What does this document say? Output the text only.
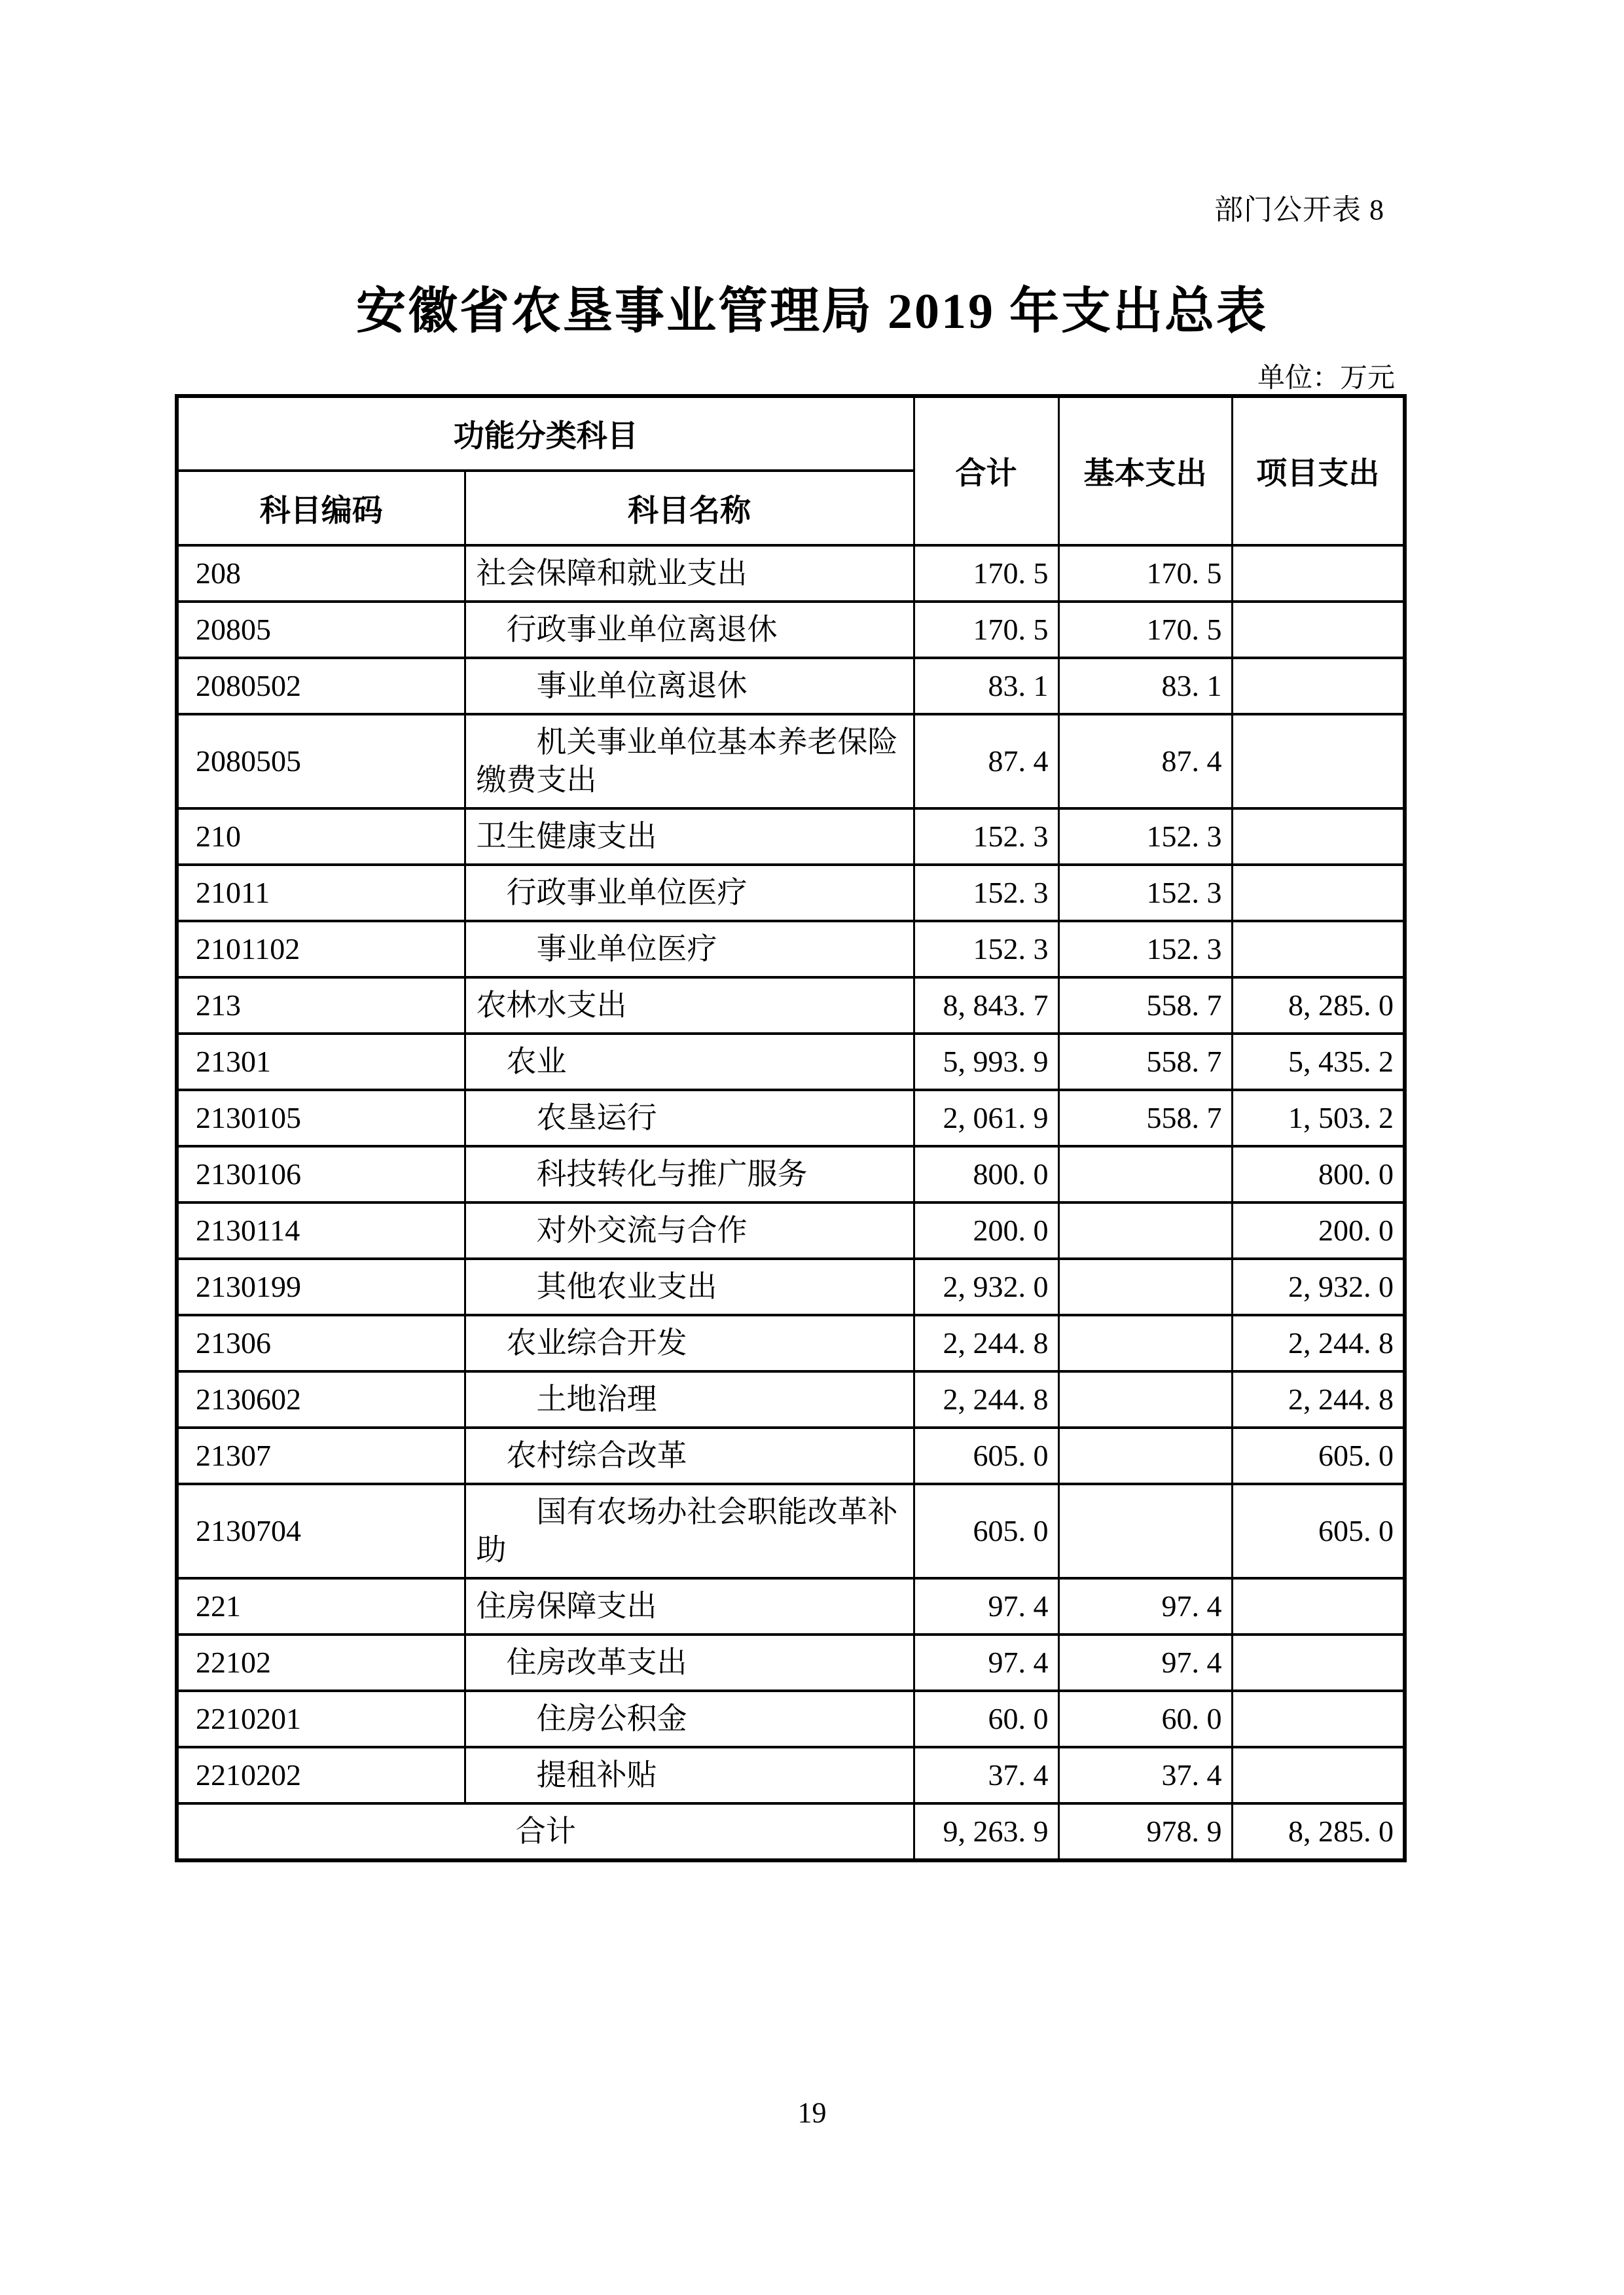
部门公开表 8
安徽省农垦事业管理局 2019 年支出总表
单位：万元
功能分类科目		合计	基本支出	项目支出
科目编码	科目名称			
208	社会保障和就业支出	170. 5	170. 5	
20805	行政事业单位离退休	170. 5	170. 5	
2080502	事业单位离退休	83. 1	83. 1	
2080505	机关事业单位基本养老保险缴费支出	87. 4	87. 4	
210	卫生健康支出	152. 3	152. 3	
21011	行政事业单位医疗	152. 3	152. 3	
2101102	事业单位医疗	152. 3	152. 3	
213	农林水支出	8, 843. 7	558. 7	8, 285. 0
21301	农业	5, 993. 9	558. 7	5, 435. 2
2130105	农垦运行	2, 061. 9	558. 7	1, 503. 2
2130106	科技转化与推广服务	800. 0		800. 0
2130114	对外交流与合作	200. 0		200. 0
2130199	其他农业支出	2, 932. 0		2, 932. 0
21306	农业综合开发	2, 244. 8		2, 244. 8
2130602	土地治理	2, 244. 8		2, 244. 8
21307	农村综合改革	605. 0		605. 0
2130704	国有农场办社会职能改革补助	605. 0		605. 0
221	住房保障支出	97. 4	97. 4	
22102	住房改革支出	97. 4	97. 4	
2210201	住房公积金	60. 0	60. 0	
2210202	提租补贴	37. 4	37. 4	
合计		9, 263. 9	978. 9	8, 285. 0
19
